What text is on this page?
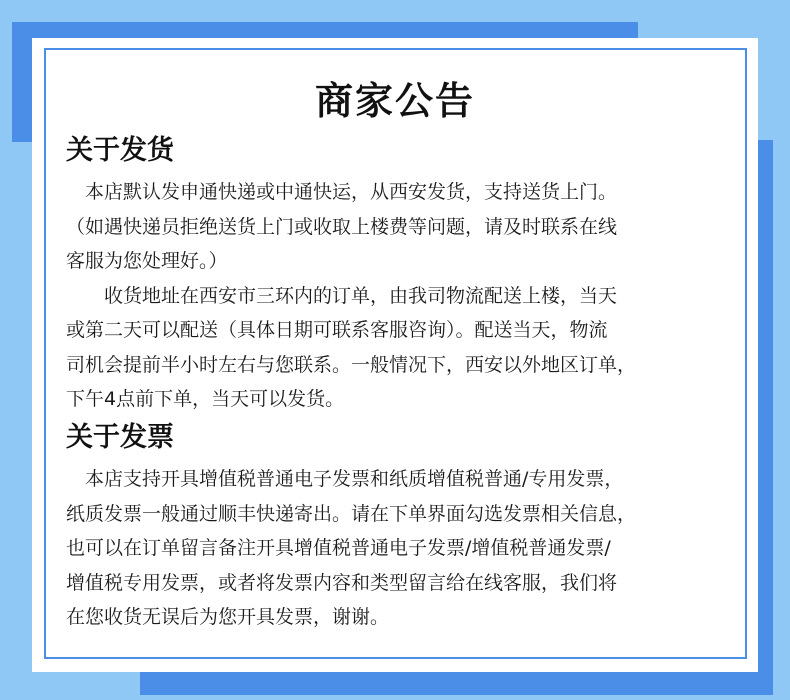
商家公告
关于发货

　本店默认发申通快递或中通快运，从西安发货，支持送货上门。

（如遇快递员拒绝送货上门或收取上楼费等问题，请及时联系在线

客服为您处理好。）

　　收货地址在西安市三环内的订单，由我司物流配送上楼，当天

或第二天可以配送（具体日期可联系客服咨询）。配送当天，物流

司机会提前半小时左右与您联系。一般情况下，西安以外地区订单，

下午4点前下单，当天可以发货。

关于发票

　本店支持开具增值税普通电子发票和纸质增值税普通/专用发票，

纸质发票一般通过顺丰快递寄出。请在下单界面勾选发票相关信息，

也可以在订单留言备注开具增值税普通电子发票/增值税普通发票/

增值税专用发票，或者将发票内容和类型留言给在线客服，我们将

在您收货无误后为您开具发票，谢谢。
